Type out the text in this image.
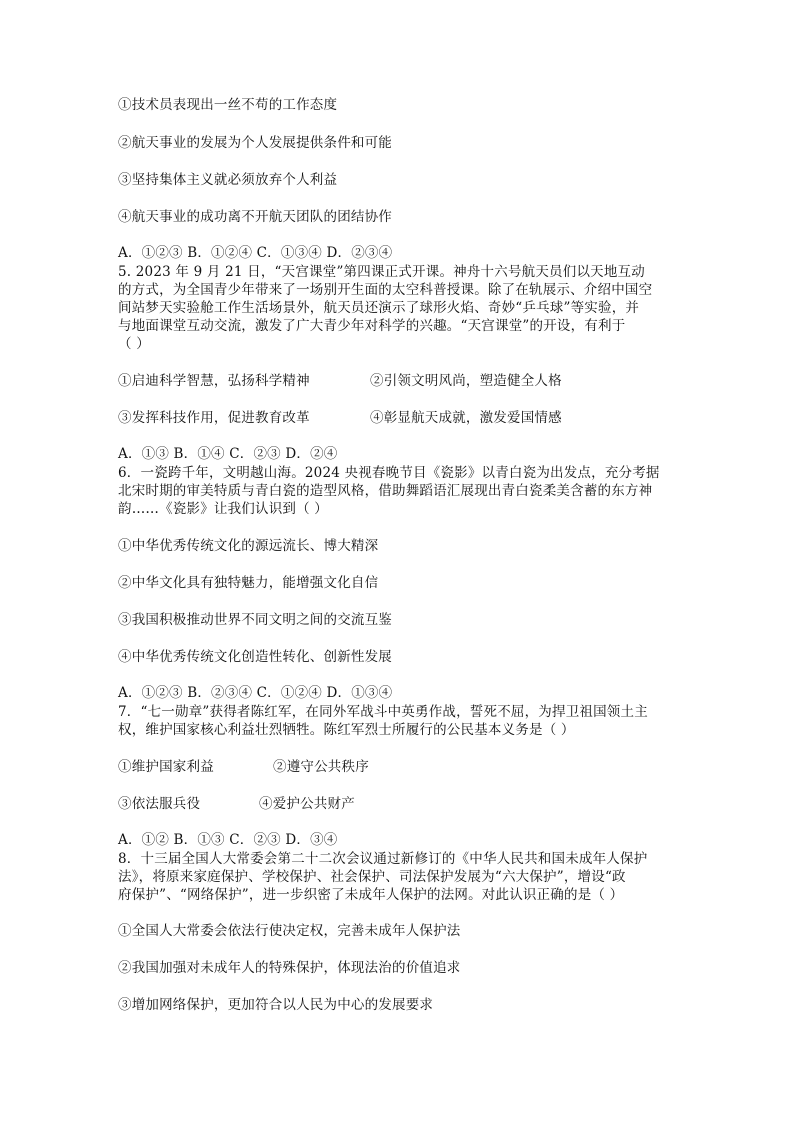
①技术员表现出一丝不苟的工作态度
②航天事业的发展为个人发展提供条件和可能
③坚持集体主义就必须放弃个人利益
④航天事业的成功离不开航天团队的团结协作
A．①②③ B．①②④ C．①③④ D．②③④
5. 2023 年 9 月 21 日，“天宫课堂”第四课正式开课。神舟十六号航天员们以天地互动
的方式，为全国青少年带来了一场别开生面的太空科普授课。除了在轨展示、介绍中国空
间站梦天实验舱工作生活场景外，航天员还演示了球形火焰、奇妙“乒乓球”等实验，并
与地面课堂互动交流，激发了广大青少年对科学的兴趣。“天宫课堂”的开设，有利于
（ ）
①启迪科学智慧，弘扬科学精神	②引领文明风尚，塑造健全人格
③发挥科技作用，促进教育改革	④彰显航天成就，激发爱国情感
A．①③ B．①④ C．②③ D．②④
6．一瓷跨千年，文明越山海。2024 央视春晚节目《瓷影》以青白瓷为出发点，充分考据
北宋时期的审美特质与青白瓷的造型风格，借助舞蹈语汇展现出青白瓷柔美含蓄的东方神
韵……《瓷影》让我们认识到（ ）
①中华优秀传统文化的源远流长、博大精深
②中华文化具有独特魅力，能增强文化自信
③我国积极推动世界不同文明之间的交流互鉴
④中华优秀传统文化创造性转化、创新性发展
A．①②③ B．②③④ C．①②④ D．①③④
7．“七一勋章”获得者陈红军，在同外军战斗中英勇作战，誓死不屈，为捍卫祖国领土主
权，维护国家核心利益壮烈牺牲。陈红军烈士所履行的公民基本义务是（ ）
①维护国家利益	②遵守公共秩序
③依法服兵役	④爱护公共财产
A．①② B．①③ C．②③ D．③④
8．十三届全国人大常委会第二十二次会议通过新修订的《中华人民共和国未成年人保护
法》，将原来家庭保护、学校保护、社会保护、司法保护发展为“六大保护”，增设“政
府保护”、“网络保护”，进一步织密了未成年人保护的法网。对此认识正确的是（ ）
①全国人大常委会依法行使决定权，完善未成年人保护法
②我国加强对未成年人的特殊保护，体现法治的价值追求
③增加网络保护，更加符合以人民为中心的发展要求
